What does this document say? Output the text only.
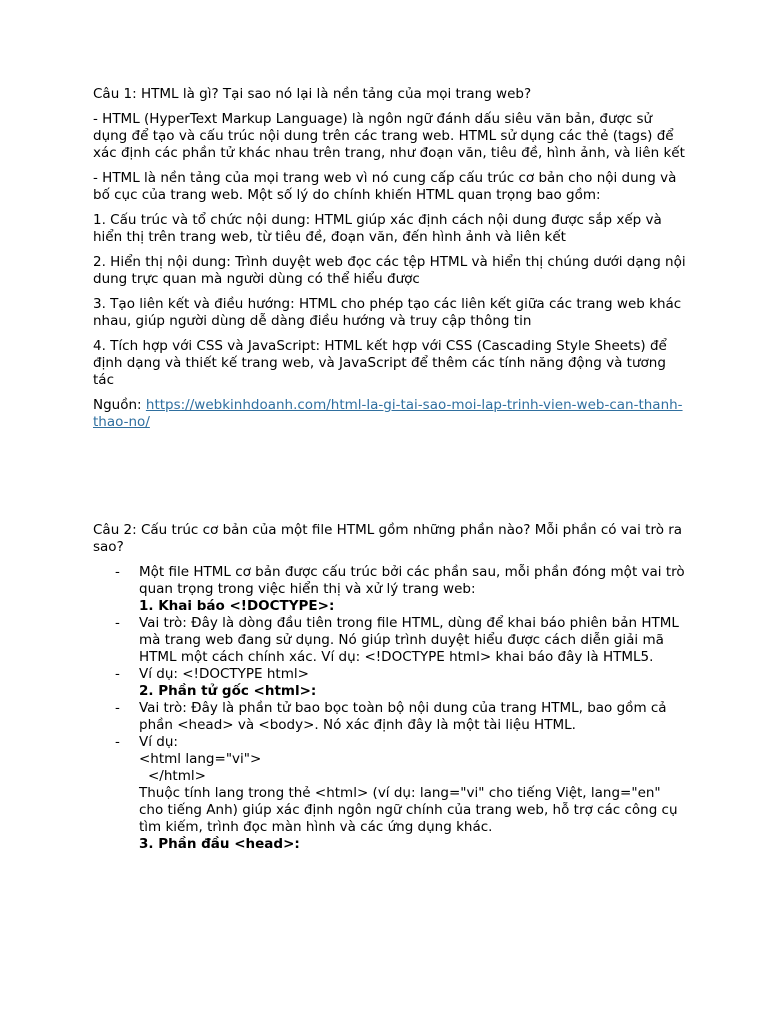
Câu 1: HTML là gì? Tại sao nó lại là nền tảng của mọi trang web?

- HTML (HyperText Markup Language) là ngôn ngữ đánh dấu siêu văn bản, được sử dụng để tạo và cấu trúc nội dung trên các trang web. HTML sử dụng các thẻ (tags) để xác định các phần tử khác nhau trên trang, như đoạn văn, tiêu đề, hình ảnh, và liên kết

- HTML là nền tảng của mọi trang web vì nó cung cấp cấu trúc cơ bản cho nội dung và bố cục của trang web. Một số lý do chính khiến HTML quan trọng bao gồm:

1. Cấu trúc và tổ chức nội dung: HTML giúp xác định cách nội dung được sắp xếp và hiển thị trên trang web, từ tiêu đề, đoạn văn, đến hình ảnh và liên kết

2. Hiển thị nội dung: Trình duyệt web đọc các tệp HTML và hiển thị chúng dưới dạng nội dung trực quan mà người dùng có thể hiểu được

3. Tạo liên kết và điều hướng: HTML cho phép tạo các liên kết giữa các trang web khác nhau, giúp người dùng dễ dàng điều hướng và truy cập thông tin

4. Tích hợp với CSS và JavaScript: HTML kết hợp với CSS (Cascading Style Sheets) để định dạng và thiết kế trang web, và JavaScript để thêm các tính năng động và tương tác

Nguồn: https://webkinhdoanh.com/html-la-gi-tai-sao-moi-lap-trinh-vien-web-can-thanh-thao-no/

Câu 2: Cấu trúc cơ bản của một file HTML gồm những phần nào? Mỗi phần có vai trò ra sao?

- Một file HTML cơ bản được cấu trúc bởi các phần sau, mỗi phần đóng một vai trò quan trọng trong việc hiển thị và xử lý trang web:
1. Khai báo <!DOCTYPE>:
- Vai trò: Đây là dòng đầu tiên trong file HTML, dùng để khai báo phiên bản HTML mà trang web đang sử dụng. Nó giúp trình duyệt hiểu được cách diễn giải mã HTML một cách chính xác. Ví dụ: <!DOCTYPE html> khai báo đây là HTML5.
- Ví dụ: <!DOCTYPE html>
2. Phần tử gốc <html>:
- Vai trò: Đây là phần tử bao bọc toàn bộ nội dung của trang HTML, bao gồm cả phần <head> và <body>. Nó xác định đây là một tài liệu HTML.
- Ví dụ:
<html lang="vi">
</html>
Thuộc tính lang trong thẻ <html> (ví dụ: lang="vi" cho tiếng Việt, lang="en" cho tiếng Anh) giúp xác định ngôn ngữ chính của trang web, hỗ trợ các công cụ tìm kiếm, trình đọc màn hình và các ứng dụng khác.
3. Phần đầu <head>:
